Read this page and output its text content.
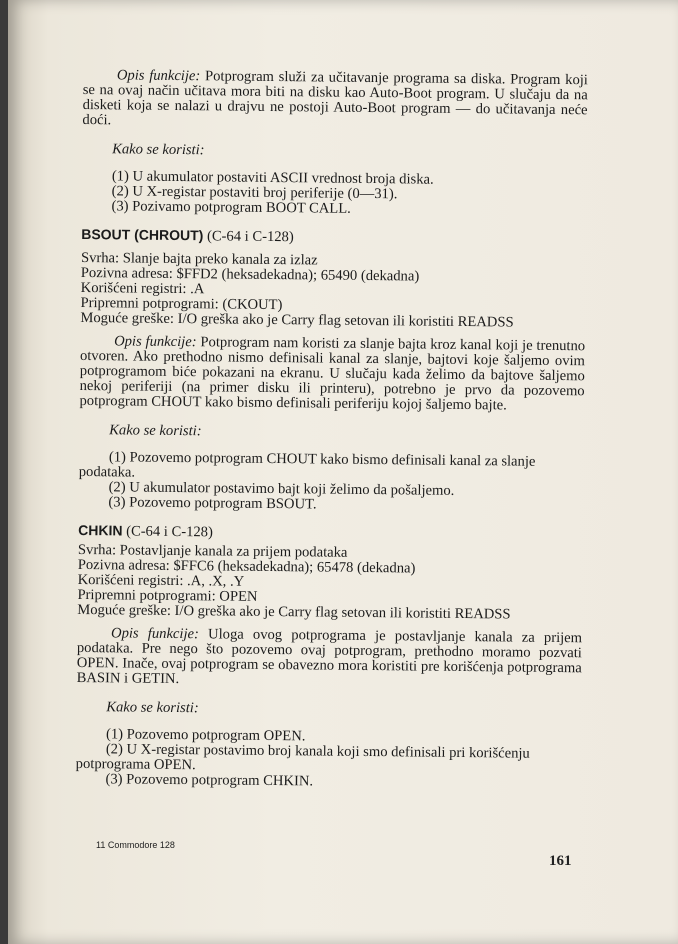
Opis funkcije: Potprogram služi za učitavanje programa sa diska. Program koji se na ovaj način učitava mora biti na disku kao Auto-Boot program. U slučaju da na disketi koja se nalazi u drajvu ne postoji Auto-Boot program — do učitavanja neće doći.

Kako se koristi:

(1) U akumulator postaviti ASCII vrednost broja diska.

(2) U X-registar postaviti broj periferije (0—31).

(3) Pozivamo potprogram BOOT CALL.

BSOUT (CHROUT) (C-64 i C-128)

Svrha: Slanje bajta preko kanala za izlaz

Pozivna adresa: $FFD2 (heksadekadna); 65490 (dekadna)

Korišćeni registri: .A

Pripremni potprogrami: (CKOUT)

Moguće greške: I/O greška ako je Carry flag setovan ili koristiti READSS

Opis funkcije: Potprogram nam koristi za slanje bajta kroz kanal koji je trenutno otvoren. Ako prethodno nismo definisali kanal za slanje, bajtovi koje šaljemo ovim potprogramom biće pokazani na ekranu. U slučaju kada želimo da bajtove šaljemo nekoj periferiji (na primer disku ili printeru), potrebno je prvo da pozovemo potprogram CHOUT kako bismo definisali periferiju kojoj šaljemo bajte.

Kako se koristi:

(1) Pozovemo potprogram CHOUT kako bismo definisali kanal za slanje podataka.

(2) U akumulator postavimo bajt koji želimo da pošaljemo.

(3) Pozovemo potprogram BSOUT.

CHKIN (C-64 i C-128)

Svrha: Postavljanje kanala za prijem podataka

Pozivna adresa: $FFC6 (heksadekadna); 65478 (dekadna)

Korišćeni registri: .A, .X, .Y

Pripremni potprogrami: OPEN

Moguće greške: I/O greška ako je Carry flag setovan ili koristiti READSS

Opis funkcije: Uloga ovog potprograma je postavljanje kanala za prijem podataka. Pre nego što pozovemo ovaj potprogram, prethodno moramo pozvati OPEN. Inače, ovaj potprogram se obavezno mora koristiti pre korišćenja potprograma BASIN i GETIN.

Kako se koristi:

(1) Pozovemo potprogram OPEN.

(2) U X-registar postavimo broj kanala koji smo definisali pri korišćenju potprograma OPEN.

(3) Pozovemo potprogram CHKIN.

11 Commodore 128
161
